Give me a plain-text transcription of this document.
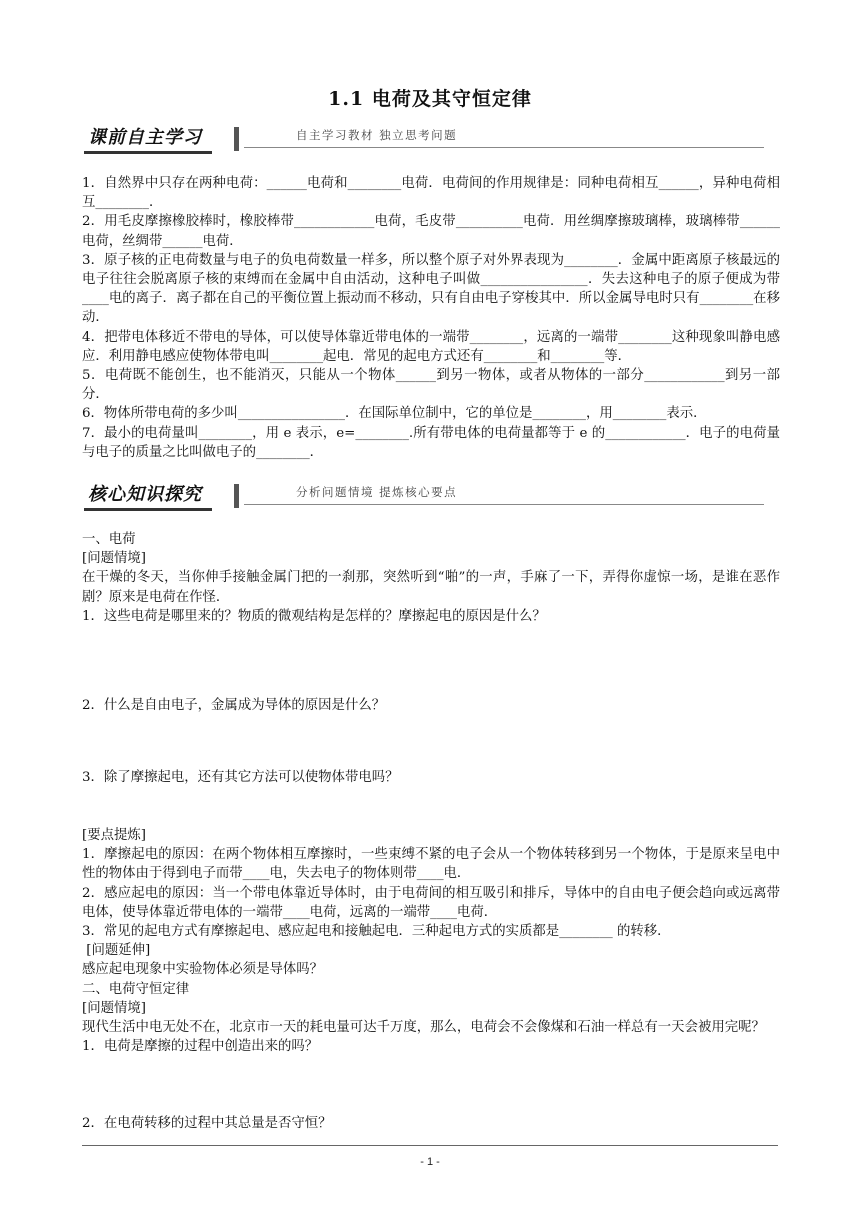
1.1 电荷及其守恒定律
课前自主学习	自主学习教材 独立思考问题

1．自然界中只存在两种电荷：______电荷和________电荷．电荷间的作用规律是：同种电荷相互______，异种电荷相互________．

2．用毛皮摩擦橡胶棒时，橡胶棒带____________电荷，毛皮带__________电荷．用丝绸摩擦玻璃棒，玻璃棒带______电荷，丝绸带______电荷．

3．原子核的正电荷数量与电子的负电荷数量一样多，所以整个原子对外界表现为________．金属中距离原子核最远的电子往往会脱离原子核的束缚而在金属中自由活动，这种电子叫做________________．失去这种电子的原子便成为带____电的离子．离子都在自己的平衡位置上振动而不移动，只有自由电子穿梭其中．所以金属导电时只有________在移动．

4．把带电体移近不带电的导体，可以使导体靠近带电体的一端带________，远离的一端带________这种现象叫静电感应．利用静电感应使物体带电叫________起电．常见的起电方式还有________和________等．

5．电荷既不能创生，也不能消灭，只能从一个物体______到另一物体，或者从物体的一部分____________到另一部分．

6．物体所带电荷的多少叫________________．在国际单位制中，它的单位是________，用________表示．

7．最小的电荷量叫________，用 e 表示，e=________.所有带电体的电荷量都等于 e 的____________．电子的电荷量与电子的质量之比叫做电子的________．

核心知识探究	分析问题情境 提炼核心要点

一、电荷

[问题情境]

在干燥的冬天，当你伸手接触金属门把的一刹那，突然听到“啪”的一声，手麻了一下，弄得你虚惊一场，是谁在恶作剧？原来是电荷在作怪．

1．这些电荷是哪里来的？物质的微观结构是怎样的？摩擦起电的原因是什么？

2．什么是自由电子，金属成为导体的原因是什么？

3．除了摩擦起电，还有其它方法可以使物体带电吗？

[要点提炼]

1．摩擦起电的原因：在两个物体相互摩擦时，一些束缚不紧的电子会从一个物体转移到另一个物体，于是原来呈电中性的物体由于得到电子而带____电，失去电子的物体则带____电．

2．感应起电的原因：当一个带电体靠近导体时，由于电荷间的相互吸引和排斥，导体中的自由电子便会趋向或远离带电体，使导体靠近带电体的一端带____电荷，远离的一端带____电荷．

3．常见的起电方式有摩擦起电、感应起电和接触起电．三种起电方式的实质都是________ 的转移．

[问题延伸]

感应起电现象中实验物体必须是导体吗？

二、电荷守恒定律

[问题情境]

现代生活中电无处不在，北京市一天的耗电量可达千万度，那么，电荷会不会像煤和石油一样总有一天会被用完呢？

1．电荷是摩擦的过程中创造出来的吗？

2．在电荷转移的过程中其总量是否守恒？

- 1 -
